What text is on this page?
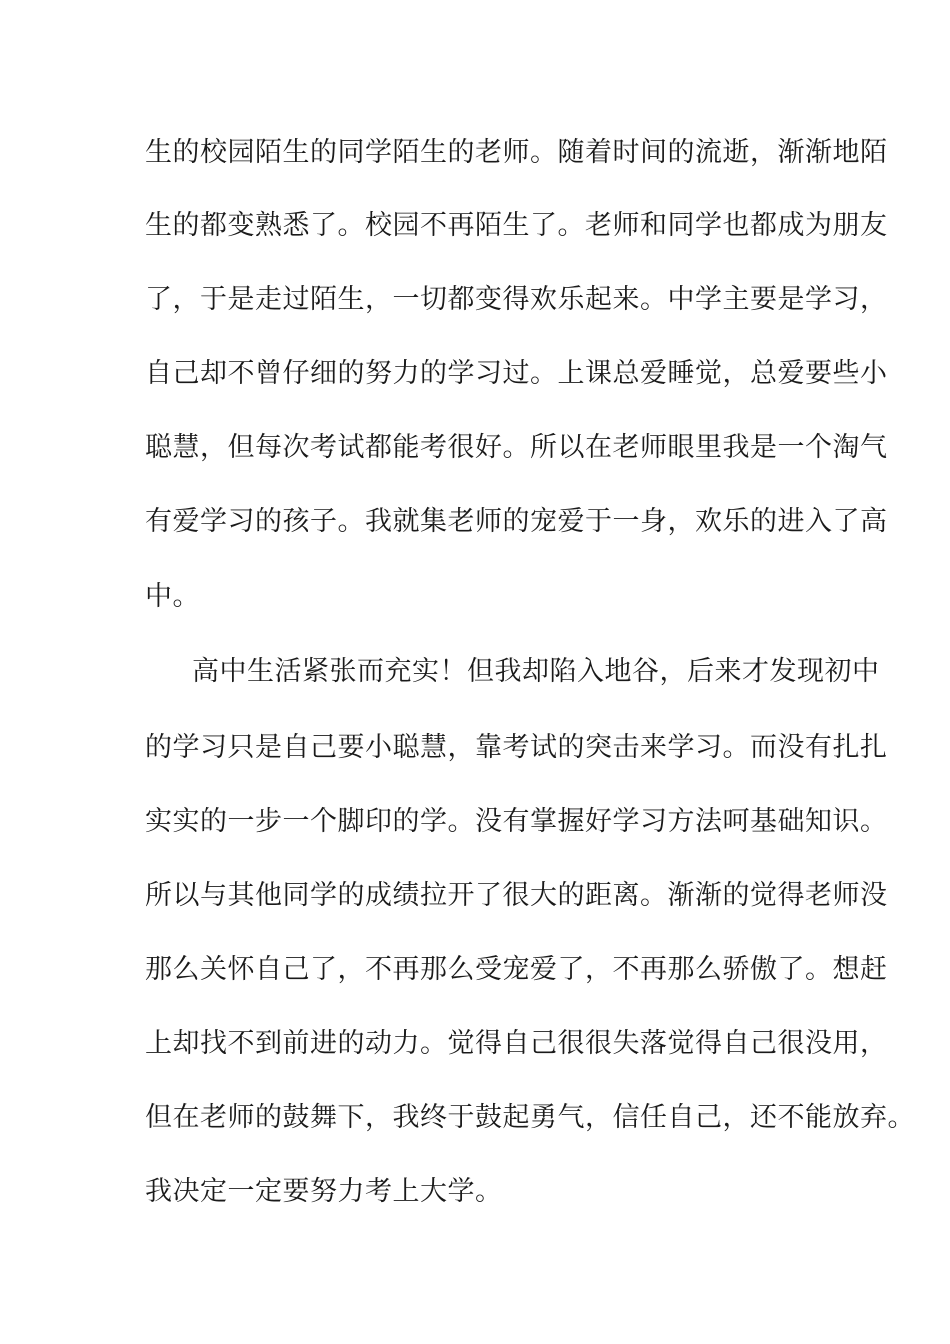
生的校园陌生的同学陌生的老师。随着时间的流逝，渐渐地陌
生的都变熟悉了。校园不再陌生了。老师和同学也都成为朋友
了，于是走过陌生，一切都变得欢乐起来。中学主要是学习，
自己却不曾仔细的努力的学习过。上课总爱睡觉，总爱要些小
聪慧，但每次考试都能考很好。所以在老师眼里我是一个淘气
有爱学习的孩子。我就集老师的宠爱于一身，欢乐的进入了高
中。
高中生活紧张而充实！但我却陷入地谷，后来才发现初中
的学习只是自己要小聪慧，靠考试的突击来学习。而没有扎扎
实实的一步一个脚印的学。没有掌握好学习方法呵基础知识。
所以与其他同学的成绩拉开了很大的距离。渐渐的觉得老师没
那么关怀自己了，不再那么受宠爱了，不再那么骄傲了。想赶
上却找不到前进的动力。觉得自己很很失落觉得自己很没用，
但在老师的鼓舞下，我终于鼓起勇气，信任自己，还不能放弃。
我决定一定要努力考上大学。
